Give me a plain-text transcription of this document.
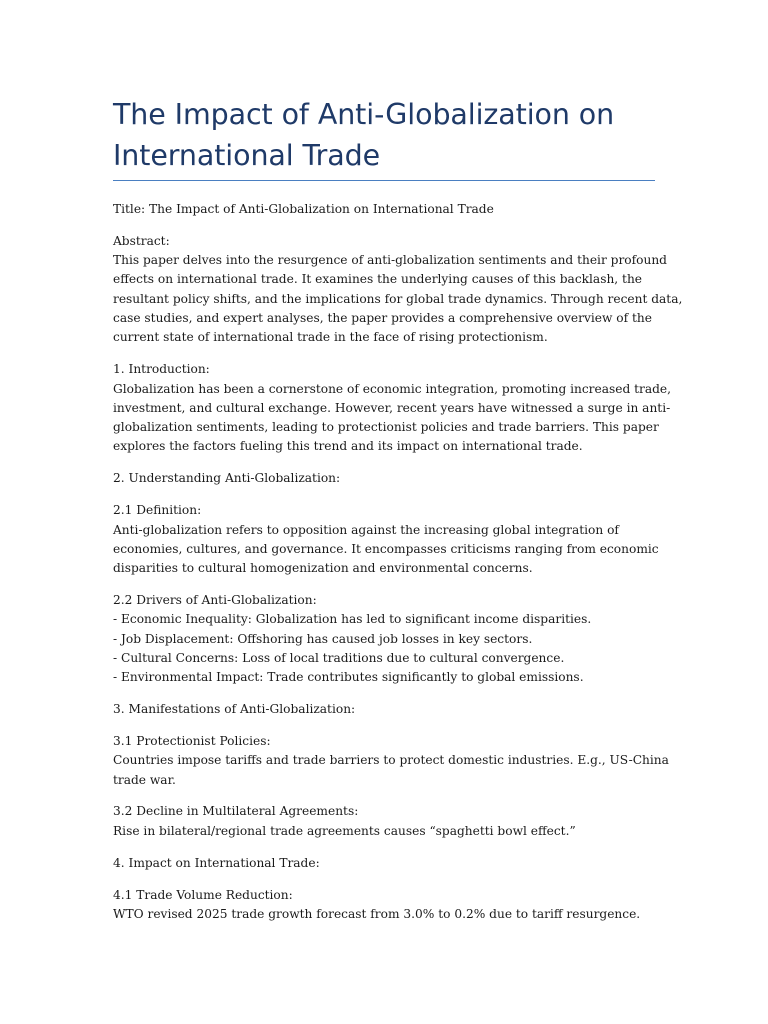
The Impact of Anti-Globalization on International Trade

Title: The Impact of Anti-Globalization on International Trade

Abstract:
This paper delves into the resurgence of anti-globalization sentiments and their profound
effects on international trade. It examines the underlying causes of this backlash, the
resultant policy shifts, and the implications for global trade dynamics. Through recent data,
case studies, and expert analyses, the paper provides a comprehensive overview of the
current state of international trade in the face of rising protectionism.

1. Introduction:
Globalization has been a cornerstone of economic integration, promoting increased trade,
investment, and cultural exchange. However, recent years have witnessed a surge in anti-
globalization sentiments, leading to protectionist policies and trade barriers. This paper
explores the factors fueling this trend and its impact on international trade.

2. Understanding Anti-Globalization:

2.1 Definition:
Anti-globalization refers to opposition against the increasing global integration of
economies, cultures, and governance. It encompasses criticisms ranging from economic
disparities to cultural homogenization and environmental concerns.

2.2 Drivers of Anti-Globalization:
- Economic Inequality: Globalization has led to significant income disparities.
- Job Displacement: Offshoring has caused job losses in key sectors.
- Cultural Concerns: Loss of local traditions due to cultural convergence.
- Environmental Impact: Trade contributes significantly to global emissions.

3. Manifestations of Anti-Globalization:

3.1 Protectionist Policies:
Countries impose tariffs and trade barriers to protect domestic industries. E.g., US-China
trade war.

3.2 Decline in Multilateral Agreements:
Rise in bilateral/regional trade agreements causes “spaghetti bowl effect.”

4. Impact on International Trade:

4.1 Trade Volume Reduction:
WTO revised 2025 trade growth forecast from 3.0% to 0.2% due to tariff resurgence.
